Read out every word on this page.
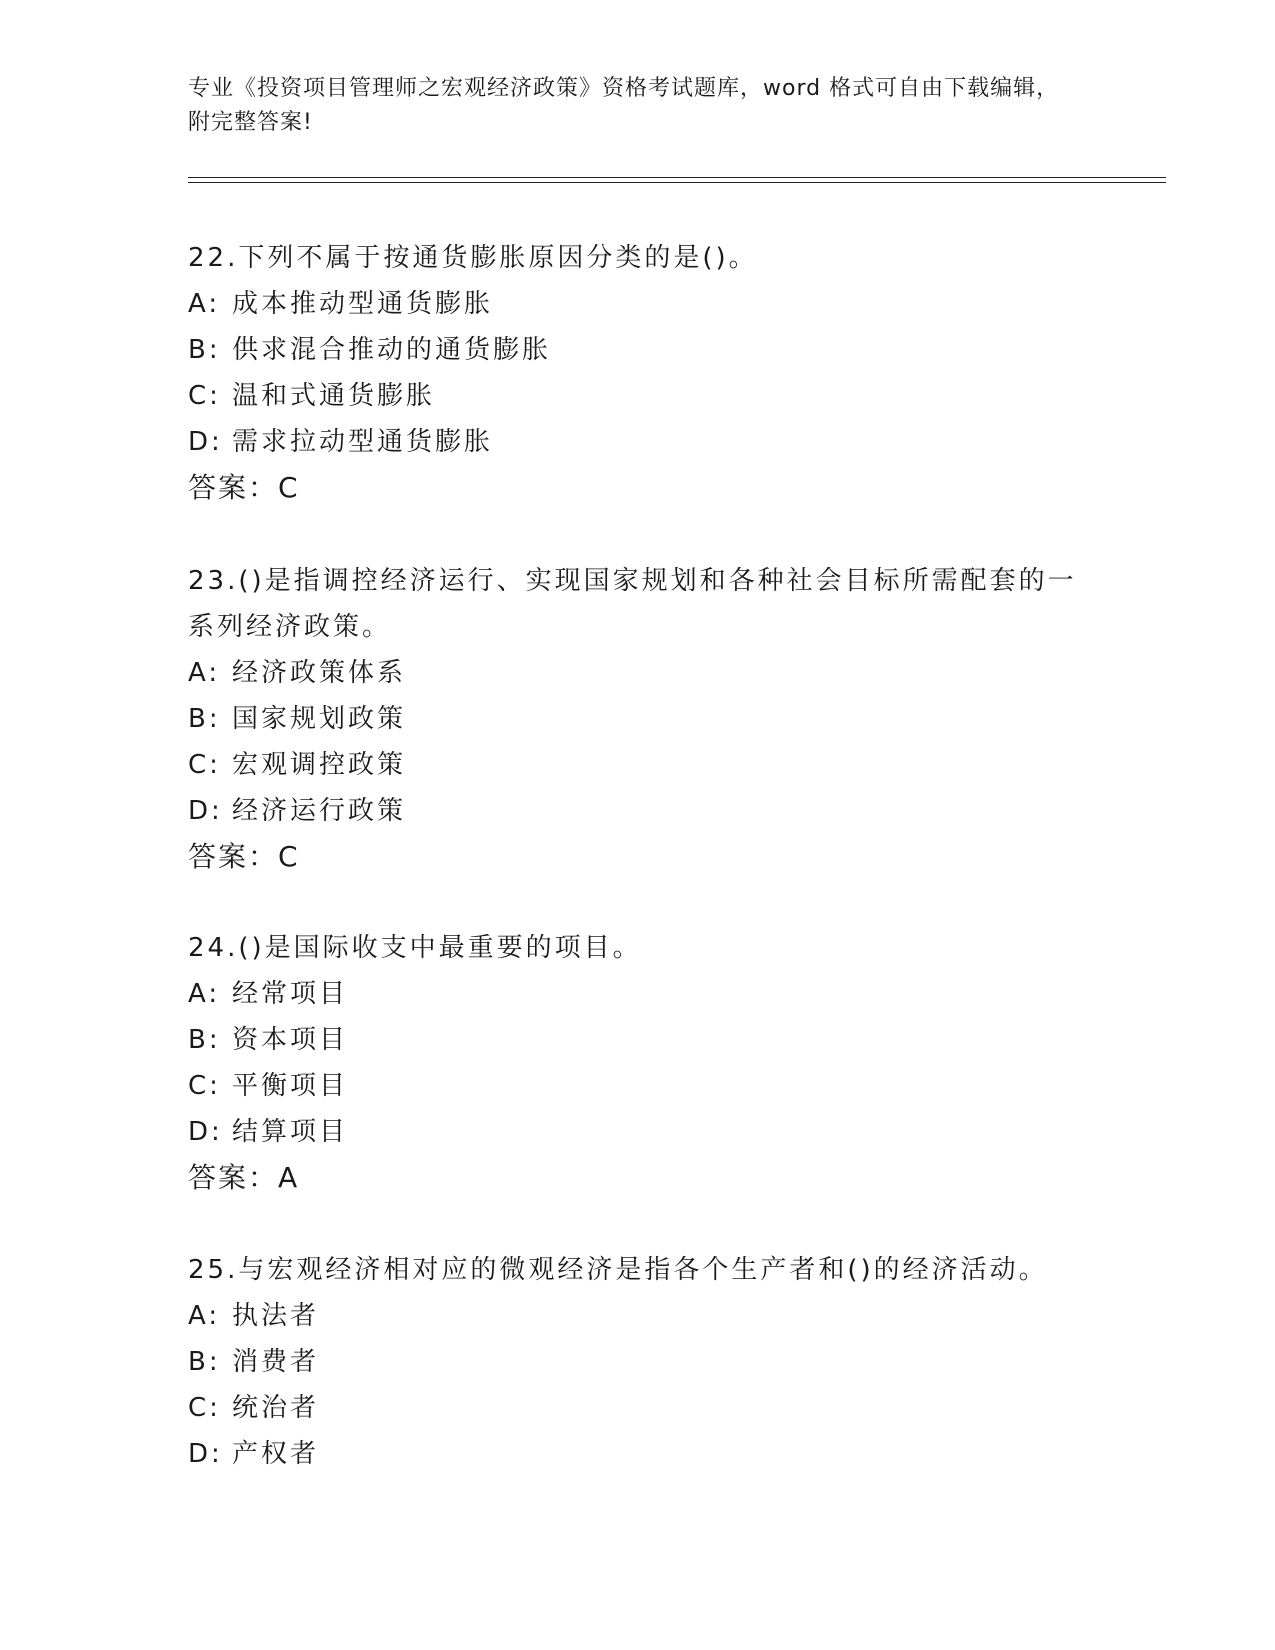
专业《投资项目管理师之宏观经济政策》资格考试题库，word 格式可自由下载编辑，附完整答案!

22.下列不属于按通货膨胀原因分类的是()。

A: 成本推动型通货膨胀
B: 供求混合推动的通货膨胀
C: 温和式通货膨胀
D: 需求拉动型通货膨胀
答案：C

23.()是指调控经济运行、实现国家规划和各种社会目标所需配套的一系列经济政策。

A: 经济政策体系
B: 国家规划政策
C: 宏观调控政策
D: 经济运行政策
答案：C

24.()是国际收支中最重要的项目。

A: 经常项目
B: 资本项目
C: 平衡项目
D: 结算项目
答案：A

25.与宏观经济相对应的微观经济是指各个生产者和()的经济活动。

A: 执法者
B: 消费者
C: 统治者
D: 产权者
